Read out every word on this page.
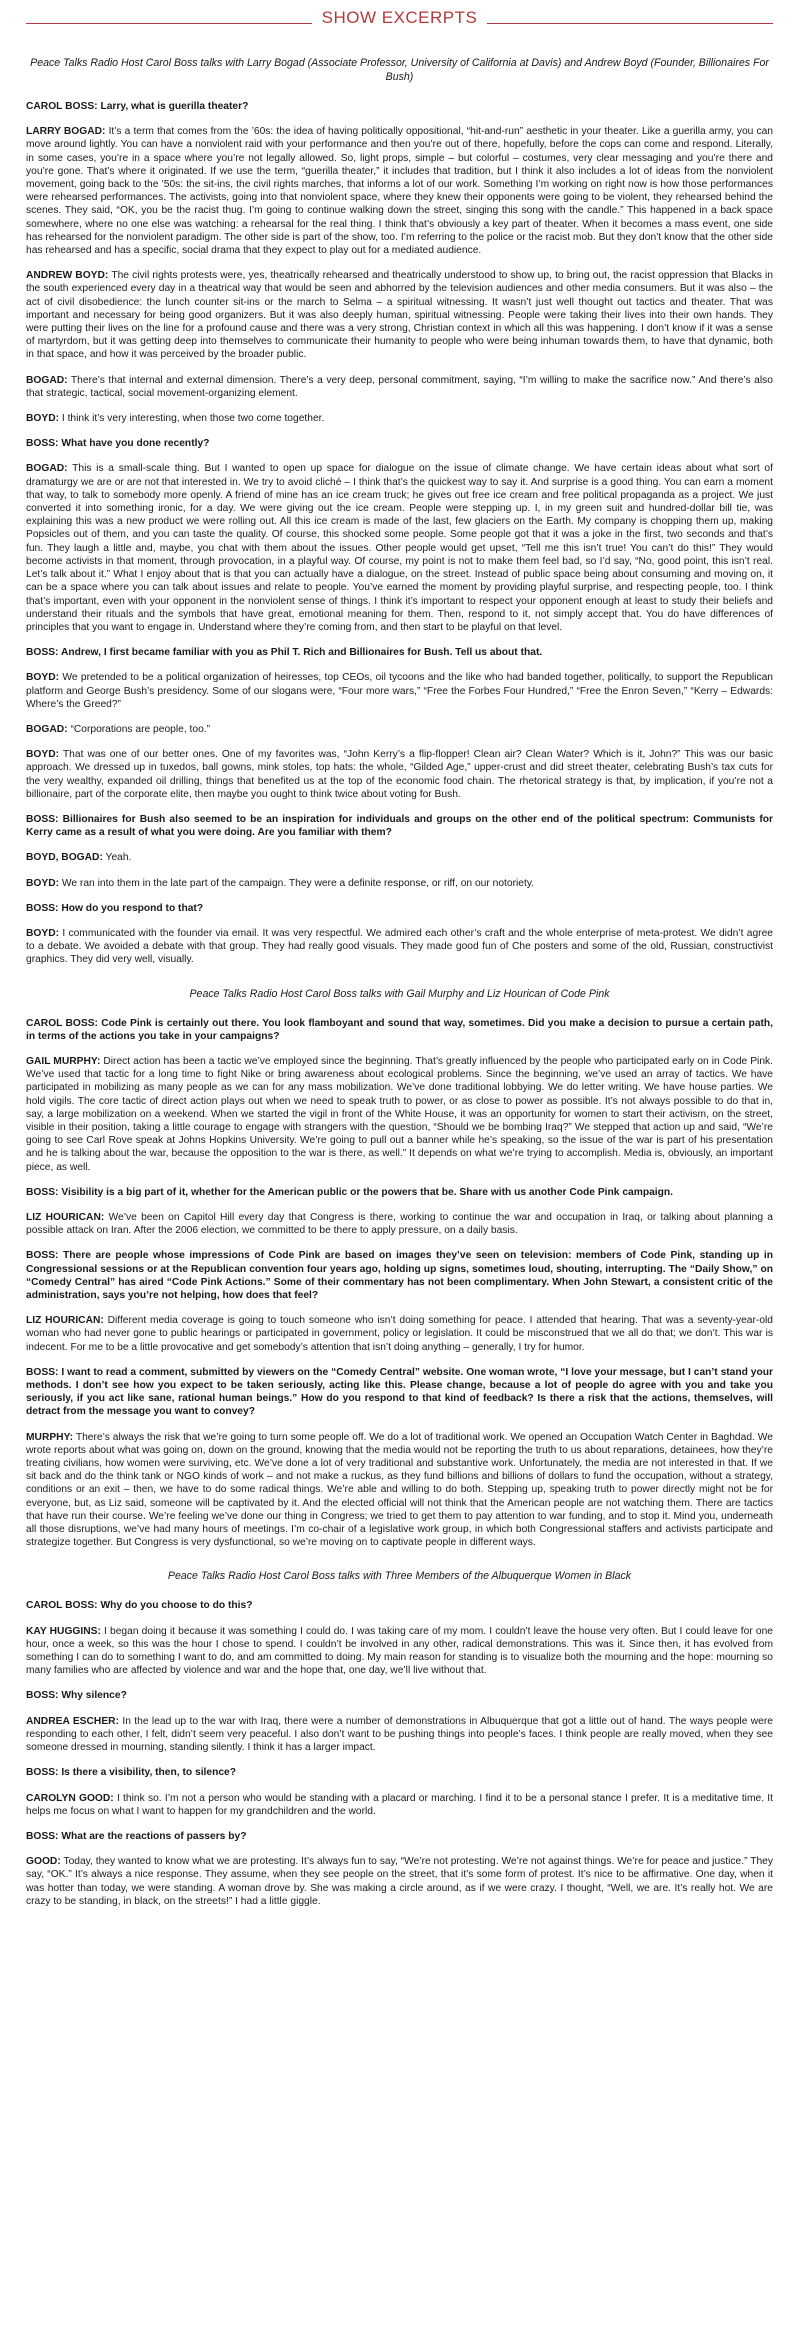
SHOW EXCERPTS
Peace Talks Radio Host Carol Boss talks with Larry Bogad (Associate Professor, University of California at Davis) and Andrew Boyd (Founder, Billionaires For Bush)

CAROL BOSS: Larry, what is guerilla theater?

LARRY BOGAD: It’s a term that comes from the ’60s: the idea of having politically oppositional, “hit-and-run” aesthetic in your theater. Like a guerilla army, you can move around lightly. You can have a nonviolent raid with your performance and then you’re out of there, hopefully, before the cops can come and respond. Literally, in some cases, you’re in a space where you’re not legally allowed. So, light props, simple – but colorful – costumes, very clear messaging and you’re there and you’re gone. That’s where it originated. If we use the term, “guerilla theater,” it includes that tradition, but I think it also includes a lot of ideas from the nonviolent movement, going back to the ’50s: the sit-ins, the civil rights marches, that informs a lot of our work. Something I’m working on right now is how those performances were rehearsed performances. The activists, going into that nonviolent space, where they knew their opponents were going to be violent, they rehearsed behind the scenes. They said, “OK, you be the racist thug. I’m going to continue walking down the street, singing this song with the candle.” This happened in a back space somewhere, where no one else was watching: a rehearsal for the real thing. I think that’s obviously a key part of theater. When it becomes a mass event, one side has rehearsed for the nonviolent paradigm. The other side is part of the show, too. I’m referring to the police or the racist mob. But they don’t know that the other side has rehearsed and has a specific, social drama that they expect to play out for a mediated audience.

ANDREW BOYD: The civil rights protests were, yes, theatrically rehearsed and theatrically understood to show up, to bring out, the racist oppression that Blacks in the south experienced every day in a theatrical way that would be seen and abhorred by the television audiences and other media consumers. But it was also – the act of civil disobedience: the lunch counter sit-ins or the march to Selma – a spiritual witnessing. It wasn’t just well thought out tactics and theater. That was important and necessary for being good organizers. But it was also deeply human, spiritual witnessing. People were taking their lives into their own hands. They were putting their lives on the line for a profound cause and there was a very strong, Christian context in which all this was happening. I don’t know if it was a sense of martyrdom, but it was getting deep into themselves to communicate their humanity to people who were being inhuman towards them, to have that dynamic, both in that space, and how it was perceived by the broader public.

BOGAD: There’s that internal and external dimension. There’s a very deep, personal commitment, saying, “I’m willing to make the sacrifice now.” And there’s also that strategic, tactical, social movement-organizing element.

BOYD: I think it’s very interesting, when those two come together.

BOSS: What have you done recently?

BOGAD: This is a small-scale thing. But I wanted to open up space for dialogue on the issue of climate change. We have certain ideas about what sort of dramaturgy we are or are not that interested in. We try to avoid cliché – I think that’s the quickest way to say it. And surprise is a good thing. You can earn a moment that way, to talk to somebody more openly. A friend of mine has an ice cream truck; he gives out free ice cream and free political propaganda as a project. We just converted it into something ironic, for a day. We were giving out the ice cream. People were stepping up. I, in my green suit and hundred-dollar bill tie, was explaining this was a new product we were rolling out. All this ice cream is made of the last, few glaciers on the Earth. My company is chopping them up, making Popsicles out of them, and you can taste the quality. Of course, this shocked some people. Some people got that it was a joke in the first, two seconds and that’s fun. They laugh a little and, maybe, you chat with them about the issues. Other people would get upset, “Tell me this isn’t true! You can’t do this!” They would become activists in that moment, through provocation, in a playful way. Of course, my point is not to make them feel bad, so I’d say, “No, good point, this isn’t real. Let’s talk about it.” What I enjoy about that is that you can actually have a dialogue, on the street. Instead of public space being about consuming and moving on, it can be a space where you can talk about issues and relate to people. You’ve earned the moment by providing playful surprise, and respecting people, too. I think that’s important, even with your opponent in the nonviolent sense of things. I think it’s important to respect your opponent enough at least to study their beliefs and understand their rituals and the symbols that have great, emotional meaning for them. Then, respond to it, not simply accept that. You do have differences of principles that you want to engage in. Understand where they’re coming from, and then start to be playful on that level.

BOSS: Andrew, I first became familiar with you as Phil T. Rich and Billionaires for Bush. Tell us about that.

BOYD: We pretended to be a political organization of heiresses, top CEOs, oil tycoons and the like who had banded together, politically, to support the Republican platform and George Bush’s presidency. Some of our slogans were, “Four more wars,” “Free the Forbes Four Hundred,” “Free the Enron Seven,” “Kerry – Edwards: Where’s the Greed?”

BOGAD: “Corporations are people, too.”

BOYD: That was one of our better ones. One of my favorites was, “John Kerry’s a flip-flopper! Clean air? Clean Water? Which is it, John?” This was our basic approach. We dressed up in tuxedos, ball gowns, mink stoles, top hats: the whole, “Gilded Age,” upper-crust and did street theater, celebrating Bush’s tax cuts for the very wealthy, expanded oil drilling, things that benefited us at the top of the economic food chain. The rhetorical strategy is that, by implication, if you’re not a billionaire, part of the corporate elite, then maybe you ought to think twice about voting for Bush.

BOSS: Billionaires for Bush also seemed to be an inspiration for individuals and groups on the other end of the political spectrum: Communists for Kerry came as a result of what you were doing. Are you familiar with them?

BOYD, BOGAD: Yeah.

BOYD: We ran into them in the late part of the campaign. They were a definite response, or riff, on our notoriety.

BOSS: How do you respond to that?

BOYD: I communicated with the founder via email. It was very respectful. We admired each other’s craft and the whole enterprise of meta-protest. We didn’t agree to a debate. We avoided a debate with that group. They had really good visuals. They made good fun of Che posters and some of the old, Russian, constructivist graphics. They did very well, visually.

Peace Talks Radio Host Carol Boss talks with Gail Murphy and Liz Hourican of Code Pink

CAROL BOSS: Code Pink is certainly out there. You look flamboyant and sound that way, sometimes. Did you make a decision to pursue a certain path, in terms of the actions you take in your campaigns?

GAIL MURPHY: Direct action has been a tactic we’ve employed since the beginning. That’s greatly influenced by the people who participated early on in Code Pink. We’ve used that tactic for a long time to fight Nike or bring awareness about ecological problems. Since the beginning, we’ve used an array of tactics. We have participated in mobilizing as many people as we can for any mass mobilization. We’ve done traditional lobbying. We do letter writing. We have house parties. We hold vigils. The core tactic of direct action plays out when we need to speak truth to power, or as close to power as possible. It’s not always possible to do that in, say, a large mobilization on a weekend. When we started the vigil in front of the White House, it was an opportunity for women to start their activism, on the street, visible in their position, taking a little courage to engage with strangers with the question, “Should we be bombing Iraq?” We stepped that action up and said, “We’re going to see Carl Rove speak at Johns Hopkins University. We’re going to pull out a banner while he’s speaking, so the issue of the war is part of his presentation and he is talking about the war, because the opposition to the war is there, as well.” It depends on what we’re trying to accomplish. Media is, obviously, an important piece, as well.

BOSS: Visibility is a big part of it, whether for the American public or the powers that be. Share with us another Code Pink campaign.

LIZ HOURICAN: We’ve been on Capitol Hill every day that Congress is there, working to continue the war and occupation in Iraq, or talking about planning a possible attack on Iran. After the 2006 election, we committed to be there to apply pressure, on a daily basis.

BOSS: There are people whose impressions of Code Pink are based on images they’ve seen on television: members of Code Pink, standing up in Congressional sessions or at the Republican convention four years ago, holding up signs, sometimes loud, shouting, interrupting. The “Daily Show,” on “Comedy Central” has aired “Code Pink Actions.” Some of their commentary has not been complimentary. When John Stewart, a consistent critic of the administration, says you’re not helping, how does that feel?

LIZ HOURICAN: Different media coverage is going to touch someone who isn’t doing something for peace. I attended that hearing. That was a seventy-year-old woman who had never gone to public hearings or participated in government, policy or legislation. It could be misconstrued that we all do that; we don’t. This war is indecent. For me to be a little provocative and get somebody’s attention that isn’t doing anything – generally, I try for humor.

BOSS: I want to read a comment, submitted by viewers on the “Comedy Central” website. One woman wrote, “I love your message, but I can’t stand your methods. I don’t see how you expect to be taken seriously, acting like this. Please change, because a lot of people do agree with you and take you seriously, if you act like sane, rational human beings.” How do you respond to that kind of feedback? Is there a risk that the actions, themselves, will detract from the message you want to convey?

MURPHY: There’s always the risk that we’re going to turn some people off. We do a lot of traditional work. We opened an Occupation Watch Center in Baghdad. We wrote reports about what was going on, down on the ground, knowing that the media would not be reporting the truth to us about reparations, detainees, how they’re treating civilians, how women were surviving, etc. We’ve done a lot of very traditional and substantive work. Unfortunately, the media are not interested in that. If we sit back and do the think tank or NGO kinds of work – and not make a ruckus, as they fund billions and billions of dollars to fund the occupation, without a strategy, conditions or an exit – then, we have to do some radical things. We’re able and willing to do both. Stepping up, speaking truth to power directly might not be for everyone, but, as Liz said, someone will be captivated by it. And the elected official will not think that the American people are not watching them. There are tactics that have run their course. We’re feeling we’ve done our thing in Congress; we tried to get them to pay attention to war funding, and to stop it. Mind you, underneath all those disruptions, we’ve had many hours of meetings. I’m co-chair of a legislative work group, in which both Congressional staffers and activists participate and strategize together. But Congress is very dysfunctional, so we’re moving on to captivate people in different ways.

Peace Talks Radio Host Carol Boss talks with Three Members of the Albuquerque Women in Black

CAROL BOSS: Why do you choose to do this?

KAY HUGGINS: I began doing it because it was something I could do. I was taking care of my mom. I couldn’t leave the house very often. But I could leave for one hour, once a week, so this was the hour I chose to spend. I couldn’t be involved in any other, radical demonstrations. This was it. Since then, it has evolved from something I can do to something I want to do, and am committed to doing. My main reason for standing is to visualize both the mourning and the hope: mourning so many families who are affected by violence and war and the hope that, one day, we’ll live without that.

BOSS: Why silence?

ANDREA ESCHER: In the lead up to the war with Iraq, there were a number of demonstrations in Albuquerque that got a little out of hand. The ways people were responding to each other, I felt, didn’t seem very peaceful. I also don’t want to be pushing things into people’s faces. I think people are really moved, when they see someone dressed in mourning, standing silently. I think it has a larger impact.

BOSS: Is there a visibility, then, to silence?

CAROLYN GOOD: I think so. I’m not a person who would be standing with a placard or marching. I find it to be a personal stance I prefer. It is a meditative time. It helps me focus on what I want to happen for my grandchildren and the world.

BOSS: What are the reactions of passers by?

GOOD: Today, they wanted to know what we are protesting. It’s always fun to say, “We’re not protesting. We’re not against things. We’re for peace and justice.” They say, “OK.” It’s always a nice response. They assume, when they see people on the street, that it’s some form of protest. It’s nice to be affirmative. One day, when it was hotter than today, we were standing. A woman drove by. She was making a circle around, as if we were crazy. I thought, “Well, we are. It’s really hot. We are crazy to be standing, in black, on the streets!” I had a little giggle.
